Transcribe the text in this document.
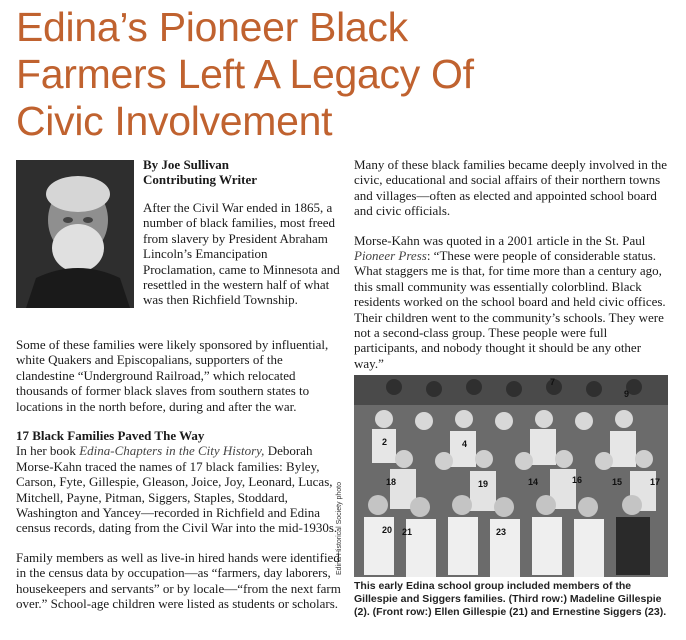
Edina’s Pioneer Black
Farmers Left A Legacy Of
Civic Involvement
By Joe Sullivan
Contributing Writer

After the Civil War ended in 1865, a number of black families, most freed from slavery by President Abraham Lincoln’s Emancipation Proclamation, came to Minnesota and resettled in the western half of what was then Richfield Township.

Some of these families were likely sponsored by influential, white Quakers and Episcopalians, supporters of the clandestine “Underground Railroad,” which relocated thousands of former black slaves from southern states to locations in the north before, during and after the war.

17 Black Families Paved The Way

In her book Edina-Chapters in the City History, Deborah Morse-Kahn traced the names of 17 black families: Byley, Carson, Fyte, Gillespie, Gleason, Joice, Joy, Leonard, Lucas, Mitchell, Payne, Pitman, Siggers, Staples, Stoddard, Washington and Yancey—recorded in Richfield and Edina census records, dating from the Civil War into the mid-1930s.

Family members as well as live-in hired hands were identified in the census data by occupation—as “farmers, day laborers, housekeepers and servants” or by locale—“from the next farm over.” School-age children were listed as students or scholars.

Many of these black families became deeply involved in the civic, educational and social affairs of their northern towns and villages—often as elected and appointed school board and civic officials.

Morse-Kahn was quoted in a 2001 article in the St. Paul Pioneer Press: “These were people of considerable status. What staggers me is that, for time more than a century ago, this small community was essentially colorblind. Black residents worked on the school board and held civic offices. Their children went to the community’s schools. They were not a second-class group. These people were full participants, and nobody thought it should be any other way.”

7
9
2	4
18	19	14	16	15	17
21
20	23
Edina Historical Society photo
This early Edina school group included members of the Gillespie and Siggers families. (Third row:) Madeline Gillespie (2). (Front row:) Ellen Gillespie (21) and Ernestine Siggers (23).
